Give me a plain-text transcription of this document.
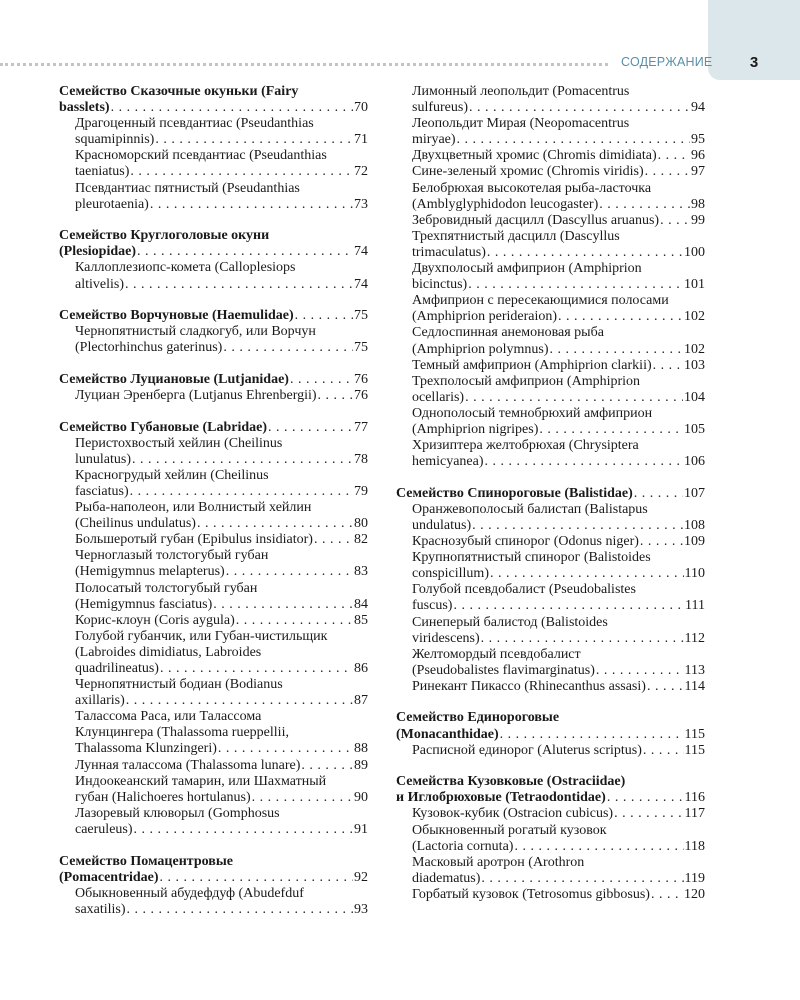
3
СОДЕРЖАНИЕ
Семейство Сказочные окуньки (Fairy
basslets) . . .	70
Драгоценный псевдантиас (Pseudanthias
squamipinnis) . . .	71
Красноморский псевдантиас (Pseudanthias
taeniatus) . . .	72
Псевдантиас пятнистый (Pseudanthias
pleurotaenia) . . .	73
Семейство Круглоголовые окуни
(Plesiopidae) . . .	74
Каллоплезиопс-комета (Calloplesiops
altivelis) . . .	74
Семейство Ворчуновые (Haemulidae) . . .	75
Чернопятнистый сладкогуб, или Ворчун
(Plectorhinchus gaterinus) . . .	75
Семейство Луциановые (Lutjanidae) . . .	76
Луциан Эренберга (Lutjanus Ehrenbergii) . . .	76
Семейство Губановые (Labridae) . . .	77
Перистохвостый хейлин (Cheilinus
lunulatus) . . .	78
Красногрудый хейлин (Cheilinus
fasciatus) . . .	79
Рыба-наполеон, или Волнистый хейлин
(Cheilinus undulatus) . . .	80
Большеротый губан (Epibulus insidiator) . . .	82
Черноглазый толстогубый губан
(Hemigymnus melapterus) . . .	83
Полосатый толстогубый губан
(Hemigymnus fasciatus) . . .	84
Корис-клоун (Coris aygula) . . .	85
Голубой губанчик, или Губан-чистильщик
(Labroides dimidiatus, Labroides
quadrilineatus) . . .	86
Чернопятнистый бодиан (Bodianus
axillaris) . . .	87
Талассома Раса, или Талассома
Клунцингера (Thalassoma rueppellii,
Thalassoma Klunzingeri) . . .	88
Лунная талассома (Thalassoma lunare) . . .	89
Индоокеанский тамарин, или Шахматный
губан (Halichoeres hortulanus) . . .	90
Лазоревый клюворыл (Gomphosus
caeruleus) . . .	91
Семейство Помацентровые
(Pomacentridae) . . .	92
Обыкновенный абудефдуф (Abudefduf
saxatilis) . . .	93
Лимонный леопольдит (Pomacentrus
sulfureus) . . .	94
Леопольдит Мирая (Neopomacentrus
miryae) . . .	95
Двухцветный хромис (Chromis dimidiata) . . . 96
Сине-зеленый хромис (Chromis viridis) . . .	97
Белобрюхая высокотелая рыба-ласточка
(Amblyglyphidodon leucogaster) . . .	98
Зебровидный дасцилл (Dascyllus aruanus) . . . 99
Трехпятнистый дасцилл (Dascyllus
trimaculatus) . . .	100
Двухполосый амфиприон (Amphiprion
bicinctus) . . .	101
Амфиприон с пересекающимися полосами
(Amphiprion perideraion) . . .	102
Седлоспинная анемоновая рыба
(Amphiprion polymnus) . . .	102
Темный амфиприон (Amphiprion clarkii) . . . 103
Трехполосый амфиприон (Amphiprion
ocellaris) . . .	104
Однополосый темнобрюхий амфиприон
(Amphiprion nigripes) . . .	105
Хризиптера желтобрюхая (Chrysiptera
hemicyanea) . . .	106
Семейство Спинороговые (Balistidae) . . .	107
Оранжевополосый балистап (Balistapus
undulatus) . . .	108
Краснозубый спинорог (Odonus niger) . . .	109
Крупнопятнистый спинорог (Balistoides
conspicillum) . . .	110
Голубой псевдобалист (Pseudobalistes
fuscus) . . .	111
Синеперый балистод (Balistoides
viridescens) . . .	112
Желтомордый псевдобалист
(Pseudobalistes flavimarginatus) . . .	113
Ринекант Пикассо (Rhinecanthus assasi) . . .	114
Семейство Единороговые
(Monacanthidae) . . .	115
Расписной единорог (Aluterus scriptus) . . .	115
Семейства Кузовковые (Ostraciidae)
и Иглобрюховые (Tetraodontidae) . . .	116
Кузовок-кубик (Ostracion cubicus) . . .	117
Обыкновенный рогатый кузовок
(Lactoria cornuta) . . .	118
Масковый аротрон (Arothron
diadematus) . . .	119
Горбатый кузовок (Tetrosomus gibbosus) . . . 120
